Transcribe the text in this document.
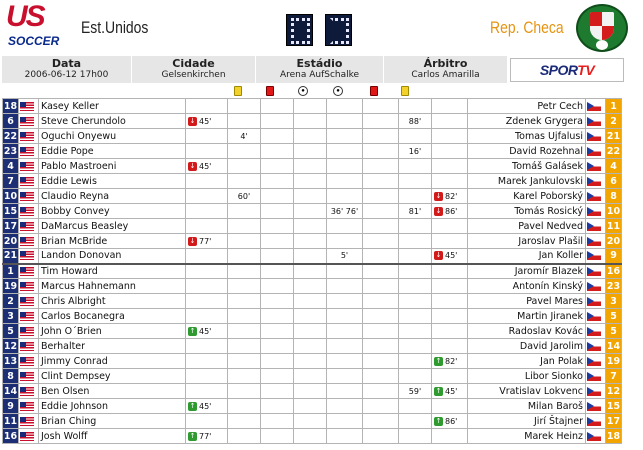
US
SOCCER
Est.Unidos	Rep. Checa
Data
2006-06-12 17h00
Cidade
Gelsenkirchen
Estádio
Arena AufSchalke
Árbitro
Carlos Amarilla	SPORTV
●	●
18		Kasey Keller									Petr Cech		1
6		Steve Cherundolo	↓ 45'						88'		Zdenek Grygera		2
22		Oguchi Onyewu		4'							Tomas Ujfalusi		21
23		Eddie Pope							16'		David Rozehnal		22
4		Pablo Mastroeni	↓ 45'								Tomáš Galásek		4
7		Eddie Lewis									Marek Jankulovski		6
10		Claudio Reyna		60'						↓ 82'	Karel Poborský		8
15		Bobby Convey					36' 76'		81'	↓ 86'	Tomás Rosický		10
17		DaMarcus Beasley									Pavel Nedved		11
20		Brian McBride	↓ 77'								Jaroslav Plašil		20
21		Landon Donovan					5'			↓ 45'	Jan Koller		9
1		Tim Howard									Jaromír Blazek		16
19		Marcus Hahnemann									Antonín Kinský		23
2		Chris Albright									Pavel Mares		3
3		Carlos Bocanegra									Martin Jiranek		5
5		John O´Brien	↑ 45'								Radoslav Kovác		5
12		Berhalter									David Jarolim		14
13		Jimmy Conrad								↑ 82'	Jan Polak		19
8		Clint Dempsey									Libor Sionko		7
14		Ben Olsen							59'	↑ 45'	Vratislav Lokvenc		12
9		Eddie Johnson	↑ 45'								Milan Baroš		15
11		Brian Ching								↑ 86'	Jirí Štajner		17
16		Josh Wolff	↑ 77'								Marek Heinz		18
